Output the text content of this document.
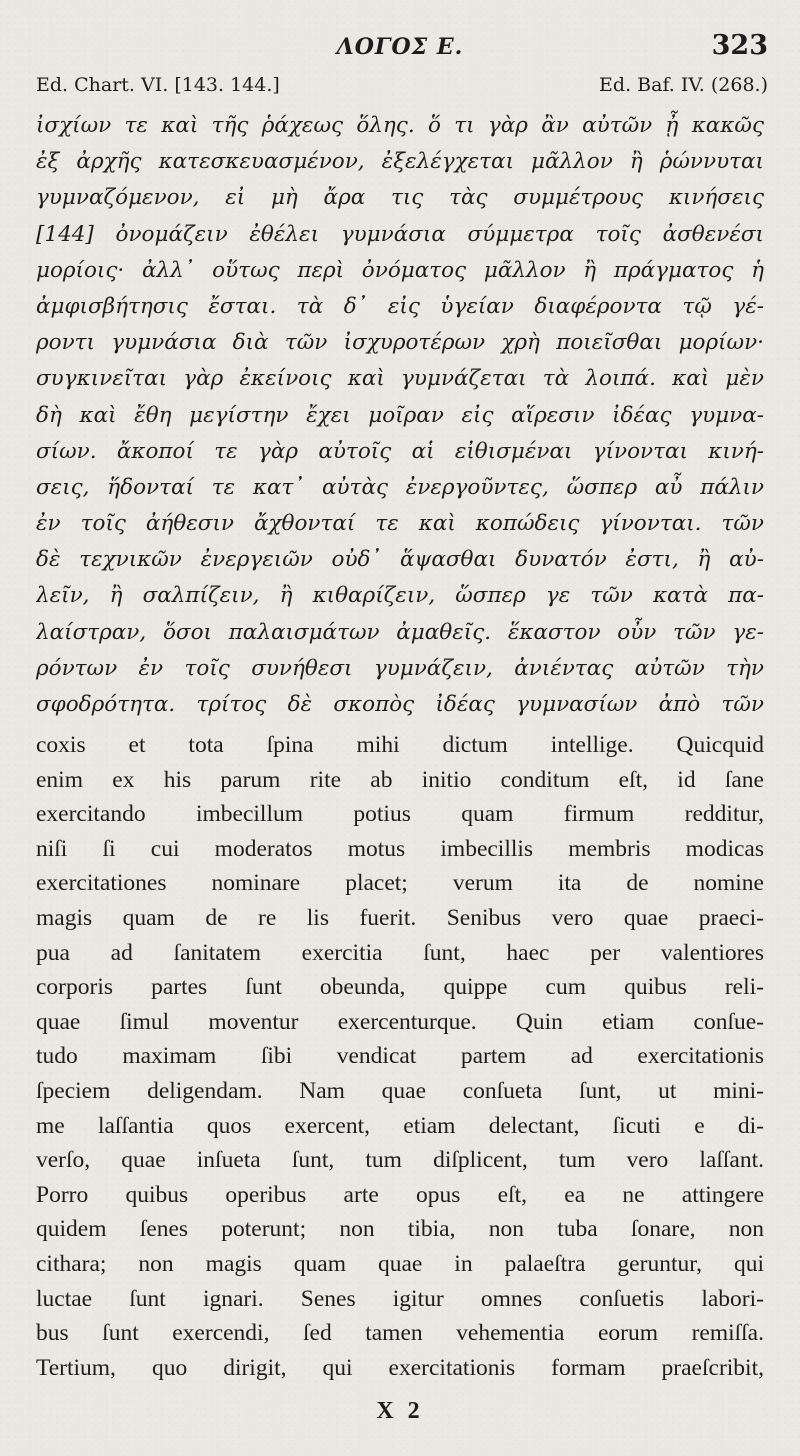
ΛΟΓΟΣ Ε.	323
Ed. Chart. VI. [143. 144.]	Ed. Baf. IV. (268.)
ἰσχίων τε καὶ τῆς ῥάχεως ὅλης. ὅ τι γὰρ ἂν αὐτῶν ᾖ κακῶς
ἐξ ἀρχῆς κατεσκευασμένον, ἐξελέγχεται μᾶλλον ἢ ῥώννυται
γυμναζόμενον, εἰ μὴ ἄρα τις τὰς συμμέτρους κινήσεις
[144] ὀνομάζειν ἐθέλει γυμνάσια σύμμετρα τοῖς ἀσθενέσι
μορίοις· ἀλλ᾽ οὕτως περὶ ὀνόματος μᾶλλον ἢ πράγματος ἡ
ἀμφισβήτησις ἔσται. τὰ δ᾽ εἰς ὑγείαν διαφέροντα τῷ γέ-
ροντι γυμνάσια διὰ τῶν ἰσχυροτέρων χρὴ ποιεῖσθαι μορίων·
συγκινεῖται γὰρ ἐκείνοις καὶ γυμνάζεται τὰ λοιπά. καὶ μὲν
δὴ καὶ ἔθη μεγίστην ἔχει μοῖραν εἰς αἵρεσιν ἰδέας γυμνα-
σίων. ἄκοποί τε γὰρ αὐτοῖς αἱ εἰθισμέναι γίνονται κινή-
σεις, ἥδονταί τε κατ᾽ αὐτὰς ἐνεργοῦντες, ὥσπερ αὖ πάλιν
ἐν τοῖς ἀήθεσιν ἄχθονταί τε καὶ κοπώδεις γίνονται. τῶν
δὲ τεχνικῶν ἐνεργειῶν οὐδ᾽ ἅψασθαι δυνατόν ἐστι, ἢ αὐ-
λεῖν, ἢ σαλπίζειν, ἢ κιθαρίζειν, ὥσπερ γε τῶν κατὰ πα-
λαίστραν, ὅσοι παλαισμάτων ἀμαθεῖς. ἕκαστον οὖν τῶν γε-
ρόντων ἐν τοῖς συνήθεσι γυμνάζειν, ἀνιέντας αὐτῶν τὴν
σφοδρότητα. τρίτος δὲ σκοπὸς ἰδέας γυμνασίων ἀπὸ τῶν
coxis et tota ſpina mihi dictum intellige. Quicquid
enim ex his parum rite ab initio conditum eſt, id ſane
exercitando imbecillum potius quam firmum redditur,
niſi ſi cui moderatos motus imbecillis membris modicas
exercitationes nominare placet; verum ita de nomine
magis quam de re lis fuerit. Senibus vero quae praeci-
pua ad ſanitatem exercitia ſunt, haec per valentiores
corporis partes ſunt obeunda, quippe cum quibus reli-
quae ſimul moventur exercenturque. Quin etiam conſue-
tudo maximam ſibi vendicat partem ad exercitationis
ſpeciem deligendam. Nam quae conſueta ſunt, ut mini-
me laſſantia quos exercent, etiam delectant, ſicuti e di-
verſo, quae inſueta ſunt, tum diſplicent, tum vero laſſant.
Porro quibus operibus arte opus eſt, ea ne attingere
quidem ſenes poterunt; non tibia, non tuba ſonare, non
cithara; non magis quam quae in palaeſtra geruntur, qui
luctae ſunt ignari. Senes igitur omnes conſuetis labori-
bus ſunt exercendi, ſed tamen vehementia eorum remiſſa.
Tertium, quo dirigit, qui exercitationis formam praeſcribit,
X 2
